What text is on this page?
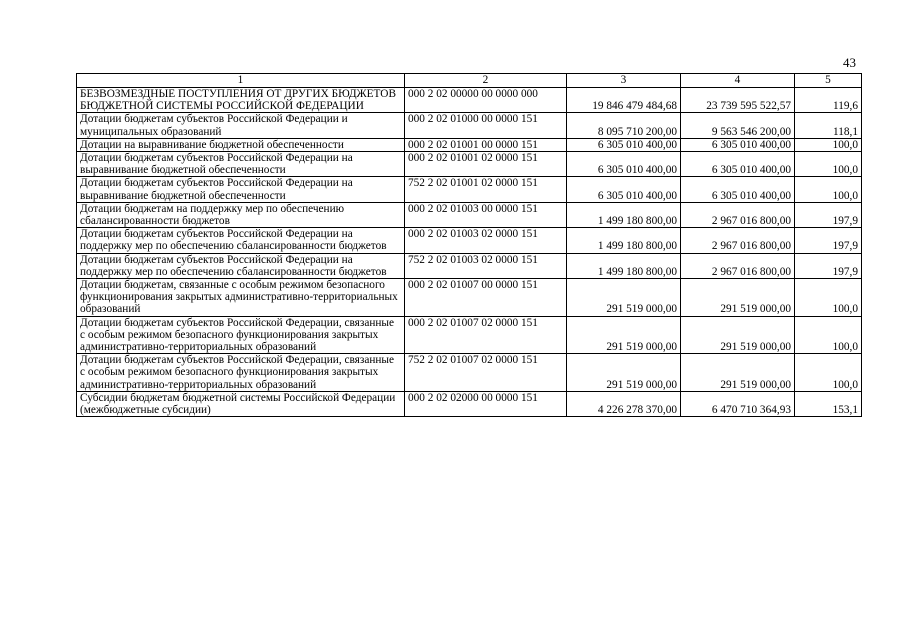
43
1	2	3	4	5
БЕЗВОЗМЕЗДНЫЕ ПОСТУПЛЕНИЯ ОТ ДРУГИХ БЮДЖЕТОВ БЮДЖЕТНОЙ СИСТЕМЫ РОССИЙСКОЙ ФЕДЕРАЦИИ	000 2 02 00000 00 0000 000	19 846 479 484,68	23 739 595 522,57	119,6
Дотации бюджетам субъектов Российской Федерации и муниципальных образований	000 2 02 01000 00 0000 151	8 095 710 200,00	9 563 546 200,00	118,1
Дотации на выравнивание бюджетной обеспеченности	000 2 02 01001 00 0000 151	6 305 010 400,00	6 305 010 400,00	100,0
Дотации бюджетам субъектов Российской Федерации на выравнивание бюджетной обеспеченности	000 2 02 01001 02 0000 151	6 305 010 400,00	6 305 010 400,00	100,0
Дотации бюджетам субъектов Российской Федерации на выравнивание бюджетной обеспеченности	752 2 02 01001 02 0000 151	6 305 010 400,00	6 305 010 400,00	100,0
Дотации бюджетам на поддержку мер по обеспечению сбалансированности бюджетов	000 2 02 01003 00 0000 151	1 499 180 800,00	2 967 016 800,00	197,9
Дотации бюджетам субъектов Российской Федерации на поддержку мер по обеспечению сбалансированности бюджетов	000 2 02 01003 02 0000 151	1 499 180 800,00	2 967 016 800,00	197,9
Дотации бюджетам субъектов Российской Федерации на поддержку мер по обеспечению сбалансированности бюджетов	752 2 02 01003 02 0000 151	1 499 180 800,00	2 967 016 800,00	197,9
Дотации бюджетам, связанные с особым режимом безопасного функционирования закрытых административно-территориальных образований	000 2 02 01007 00 0000 151	291 519 000,00	291 519 000,00	100,0
Дотации бюджетам субъектов Российской Федерации, связанные с особым режимом безопасного функционирования закрытых административно-территориальных образований	000 2 02 01007 02 0000 151	291 519 000,00	291 519 000,00	100,0
Дотации бюджетам субъектов Российской Федерации, связанные с особым режимом безопасного функционирования закрытых административно-территориальных образований	752 2 02 01007 02 0000 151	291 519 000,00	291 519 000,00	100,0
Субсидии бюджетам бюджетной системы Российской Федерации (межбюджетные субсидии)	000 2 02 02000 00 0000 151	4 226 278 370,00	6 470 710 364,93	153,1
